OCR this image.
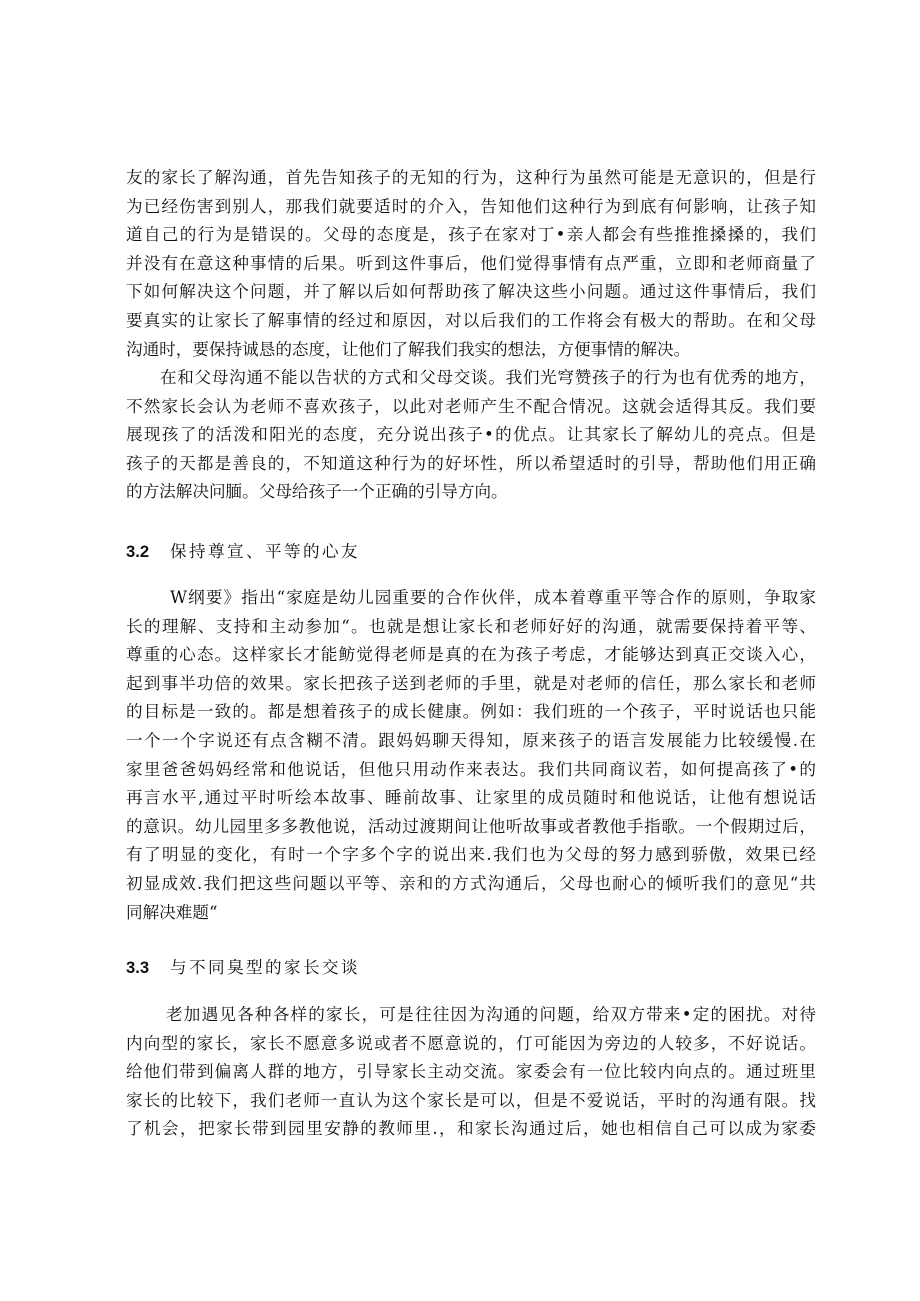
友的家长了解沟通，首先告知孩子的无知的行为，这种行为虽然可能是无意识的，但是行
为已经伤害到别人，那我们就要适时的介入，告知他们这种行为到底有何影响，让孩子知
道自己的行为是错误的。父母的态度是，孩子在家对丁•亲人都会有些推推搡搡的，我们
并没有在意这种事情的后果。听到这件事后，他们觉得事情有点严重，立即和老师商量了
下如何解决这个问题，并了解以后如何帮助孩了解决这些小问题。通过这件事情后，我们
要真实的让家长了解事情的经过和原因，对以后我们的工作将会有极大的帮助。在和父母
沟通时，要保持诚恳的态度，让他们了解我们我实的想法，方便事情的解决。
在和父母沟通不能以告状的方式和父母交谈。我们光穹赞孩子的行为也有优秀的地方，
不然家长会认为老师不喜欢孩子，以此对老师产生不配合情况。这就会适得其反。我们要
展现孩了的活泼和阳光的态度，充分说出孩子•的优点。让其家长了解幼儿的亮点。但是
孩子的天都是善良的，不知道这种行为的好坏性，所以希望适时的引导，帮助他们用正确
的方法解决问腼。父母给孩子一个正确的引导方向。
3.2 保持尊宣、平等的心友
W纲要》指出“家庭是幼儿园重要的合作伙伴，成本着尊重平等合作的原则，争取家
长的理解、支持和主动参加“。也就是想让家长和老师好好的沟通，就需要保持着平等、
尊重的心态。这样家长才能鲂觉得老师是真的在为孩子考虑，才能够达到真正交谈入心，
起到事半功倍的效果。家长把孩子送到老师的手里，就是对老师的信任，那么家长和老师
的目标是一致的。都是想着孩子的成长健康。例如：我们班的一个孩子，平时说话也只能
一个一个字说还有点含糊不清。跟妈妈聊天得知，原来孩子的语言发展能力比较缓慢.在
家里爸爸妈妈经常和他说话，但他只用动作来表达。我们共同商议若，如何提高孩了•的
再言水平,通过平时听绘本故事、睡前故事、让家里的成员随时和他说话，让他有想说话
的意识。幼儿园里多多教他说，活动过渡期间让他听故事或者教他手指歌。一个假期过后，
有了明显的变化，有时一个字多个字的说出来.我们也为父母的努力感到骄傲，效果已经
初显成效.我们把这些问题以平等、亲和的方式沟通后，父母也耐心的倾听我们的意见“共
同解决难题“
3.3 与不同臭型的家长交谈
老加遇见各种各样的家长，可是往往因为沟通的问题，给双方带来•定的困扰。对待
内向型的家长，家长不愿意多说或者不愿意说的，仃可能因为旁边的人较多，不好说话。
给他们带到偏离人群的地方，引导家长主动交流。家委会有一位比较内向点的。通过班里
家长的比较下，我们老师一直认为这个家长是可以，但是不爱说话，平时的沟通有限。找
了机会，把家长带到园里安静的教师里.，和家长沟通过后，她也相信自己可以成为家委
